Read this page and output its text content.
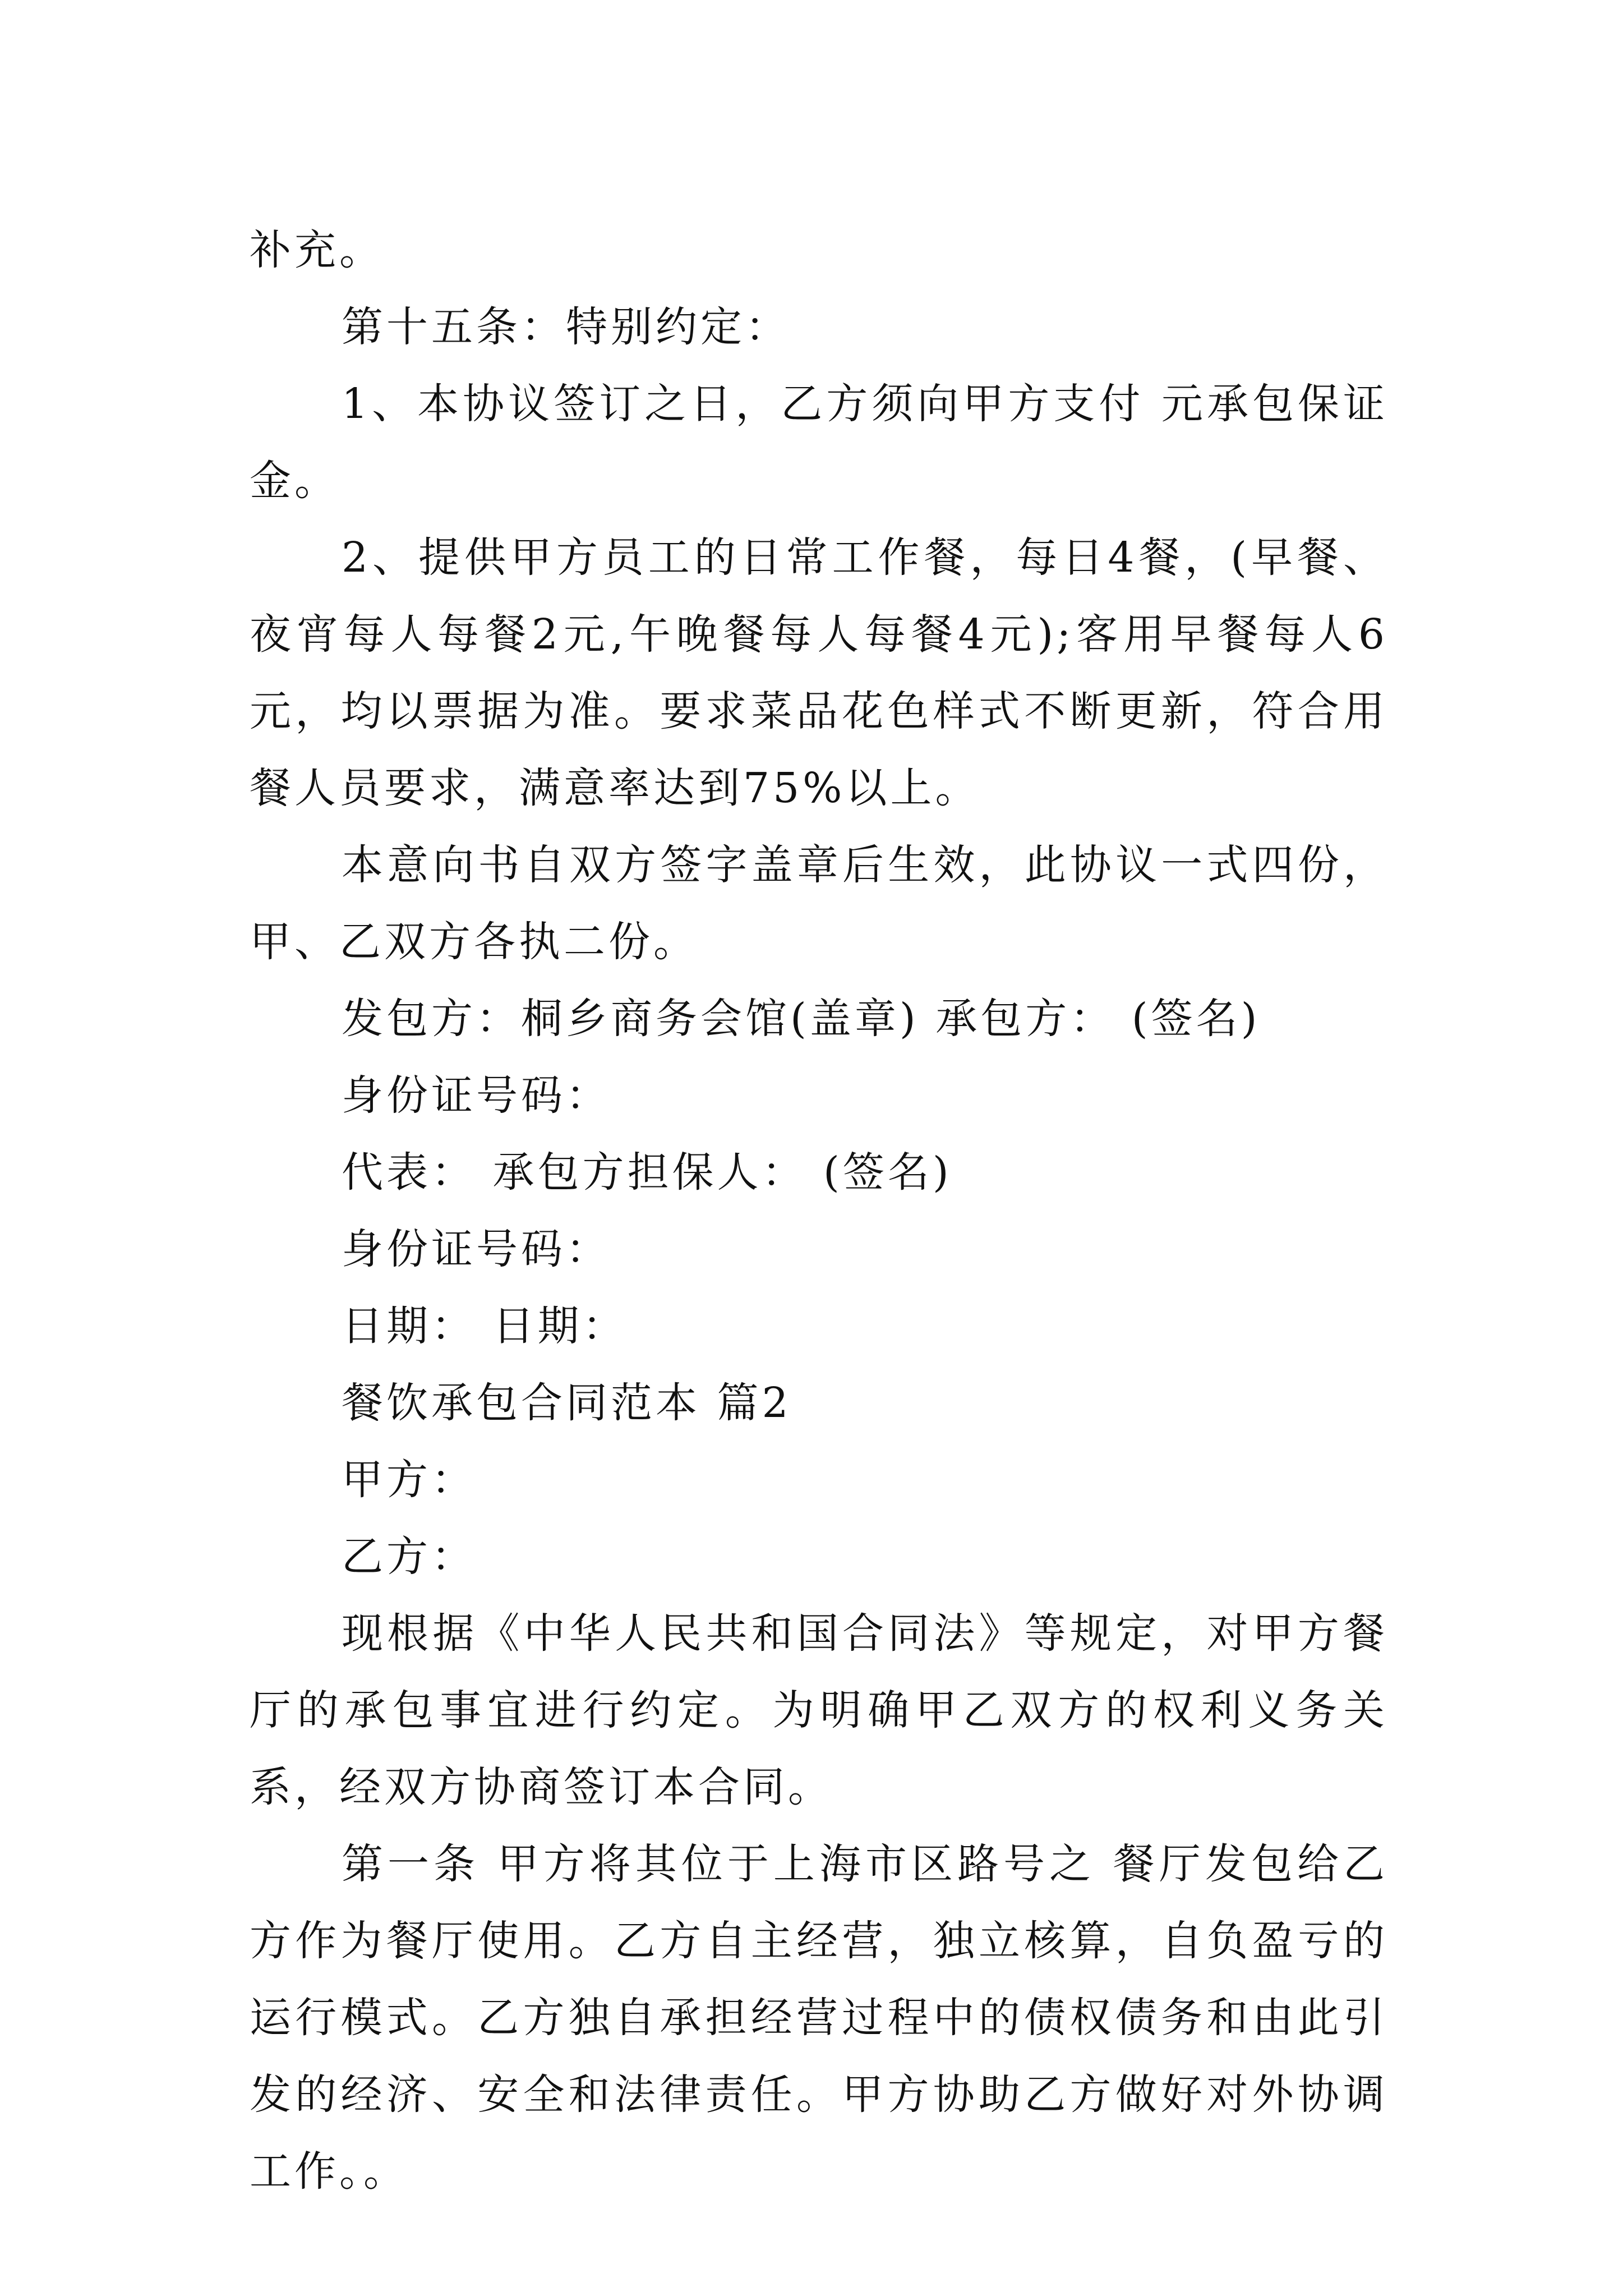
补充。

第十五条：特别约定：

1、本协议签订之日，乙方须向甲方支付 元承包保证金。

2、提供甲方员工的日常工作餐，每日4餐，(早餐、夜宵每人每餐2元,午晚餐每人每餐4元);客用早餐每人6元，均以票据为准。要求菜品花色样式不断更新，符合用餐人员要求，满意率达到75%以上。

本意向书自双方签字盖章后生效，此协议一式四份，甲、乙双方各执二份。

发包方：桐乡商务会馆(盖章) 承包方： (签名)

身份证号码：

代表： 承包方担保人： (签名)

身份证号码：

日期： 日期：

餐饮承包合同范本 篇2

甲方：

乙方：

现根据《中华人民共和国合同法》等规定，对甲方餐厅的承包事宜进行约定。为明确甲乙双方的权利义务关系，经双方协商签订本合同。

第一条 甲方将其位于上海市区路号之 餐厅发包给乙方作为餐厅使用。乙方自主经营，独立核算，自负盈亏的运行模式。乙方独自承担经营过程中的债权债务和由此引发的经济、安全和法律责任。甲方协助乙方做好对外协调工作。。
